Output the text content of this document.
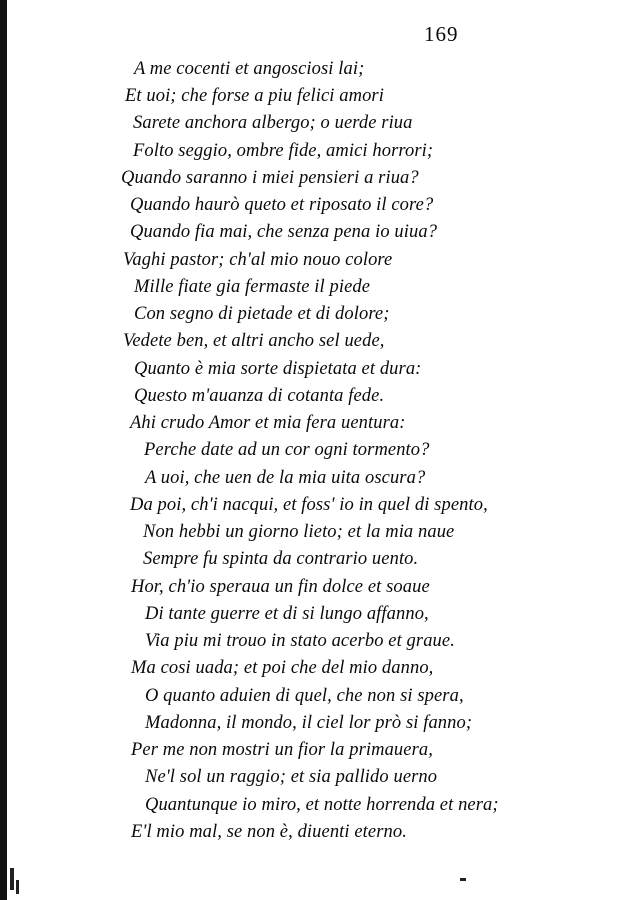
169
A me cocenti et angosciosi lai;
Et uoi; che forse a piu felici amori
Sarete anchora albergo; o uerde riua
Folto seggio, ombre fide, amici horrori;
Quando saranno i miei pensieri a riua?
Quando haurò queto et riposato il core?
Quando fia mai, che senza pena io uiua?
Vaghi pastor; ch'al mio nouo colore
Mille fiate gia fermaste il piede
Con segno di pietade et di dolore;
Vedete ben, et altri ancho sel uede,
Quanto è mia sorte dispietata et dura:
Questo m'auanza di cotanta fede.
Ahi crudo Amor et mia fera uentura:
Perche date ad un cor ogni tormento?
A uoi, che uen de la mia uita oscura?
Da poi, ch'i nacqui, et foss' io in quel di spento,
Non hebbi un giorno lieto; et la mia naue
Sempre fu spinta da contrario uento.
Hor, ch'io speraua un fin dolce et soaue
Di tante guerre et di si lungo affanno,
Via piu mi trouo in stato acerbo et graue.
Ma cosi uada; et poi che del mio danno,
O quanto aduien di quel, che non si spera,
Madonna, il mondo, il ciel lor prò si fanno;
Per me non mostri un fior la primauera,
Ne'l sol un raggio; et sia pallido uerno
Quantunque io miro, et notte horrenda et nera;
E'l mio mal, se non è, diuenti eterno.
